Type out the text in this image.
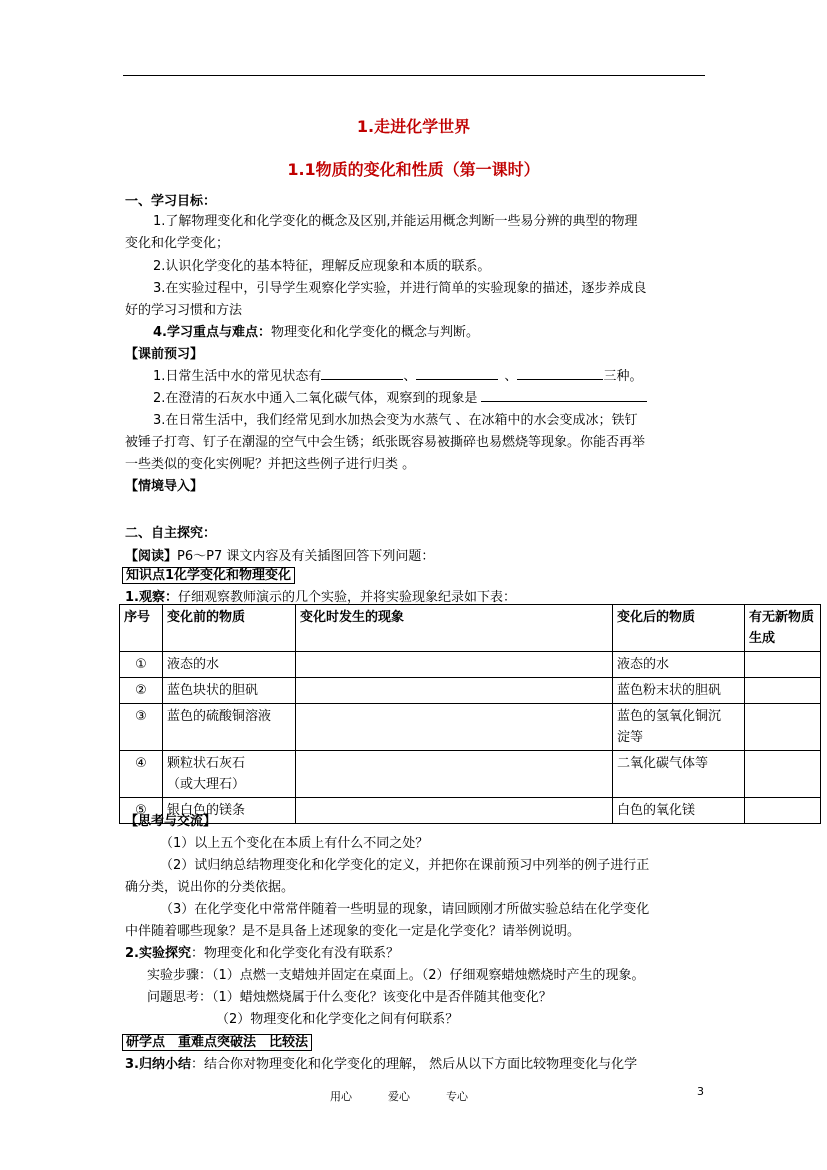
1.走进化学世界
1.1物质的变化和性质（第一课时）
一、学习目标：
1.了解物理变化和化学变化的概念及区别,并能运用概念判断一些易分辨的典型的物理
变化和化学变化；
2.认识化学变化的基本特征，理解反应现象和本质的联系。
3.在实验过程中，引导学生观察化学实验，并进行简单的实验现象的描述，逐步养成良
好的学习习惯和方法
4.学习重点与难点：物理变化和化学变化的概念与判断。
【课前预习】
1.日常生活中水的常见状态有	、	、	三种。
2.在澄清的石灰水中通入二氧化碳气体，观察到的现象是
3.在日常生活中，我们经常见到水加热会变为水蒸气 、在冰箱中的水会变成冰；铁钉
被锤子打弯、钉子在潮湿的空气中会生锈；纸张既容易被撕碎也易燃烧等现象。你能否再举
一些类似的变化实例呢？并把这些例子进行归类 。
【情境导入】
二、自主探究：
【阅读】P6～P7 课文内容及有关插图回答下列问题：
知识点1化学变化和物理变化
1.观察：仔细观察教师演示的几个实验，并将实验现象纪录如下表：
序号	变化前的物质	变化时发生的现象	变化后的物质	有无新物质生成
①	液态的水		液态的水	
②	蓝色块状的胆矾		蓝色粉末状的胆矾	
③	蓝色的硫酸铜溶液		蓝色的氢氧化铜沉
淀等	

④	颗粒状石灰石
（或大理石）		二氧化碳气体等	
⑤	银白色的镁条		白色的氧化镁	
【思考与交流】
（1）以上五个变化在本质上有什么不同之处？
（2）试归纳总结物理变化和化学变化的定义，并把你在课前预习中列举的例子进行正
确分类，说出你的分类依据。
（3）在化学变化中常常伴随着一些明显的现象，请回顾刚才所做实验总结在化学变化
中伴随着哪些现象？是不是具备上述现象的变化一定是化学变化？请举例说明。
2.实验探究：物理变化和化学变化有没有联系？
实验步骤：（1）点燃一支蜡烛并固定在桌面上。（2）仔细观察蜡烛燃烧时产生的现象。
问题思考：（1）蜡烛燃烧属于什么变化？该变化中是否伴随其他变化？
（2）物理变化和化学变化之间有何联系？
研学点　重难点突破法　比较法
3.归纳小结：结合你对物理变化和化学变化的理解， 然后从以下方面比较物理变化与化学
用心	爱心	专心	3
